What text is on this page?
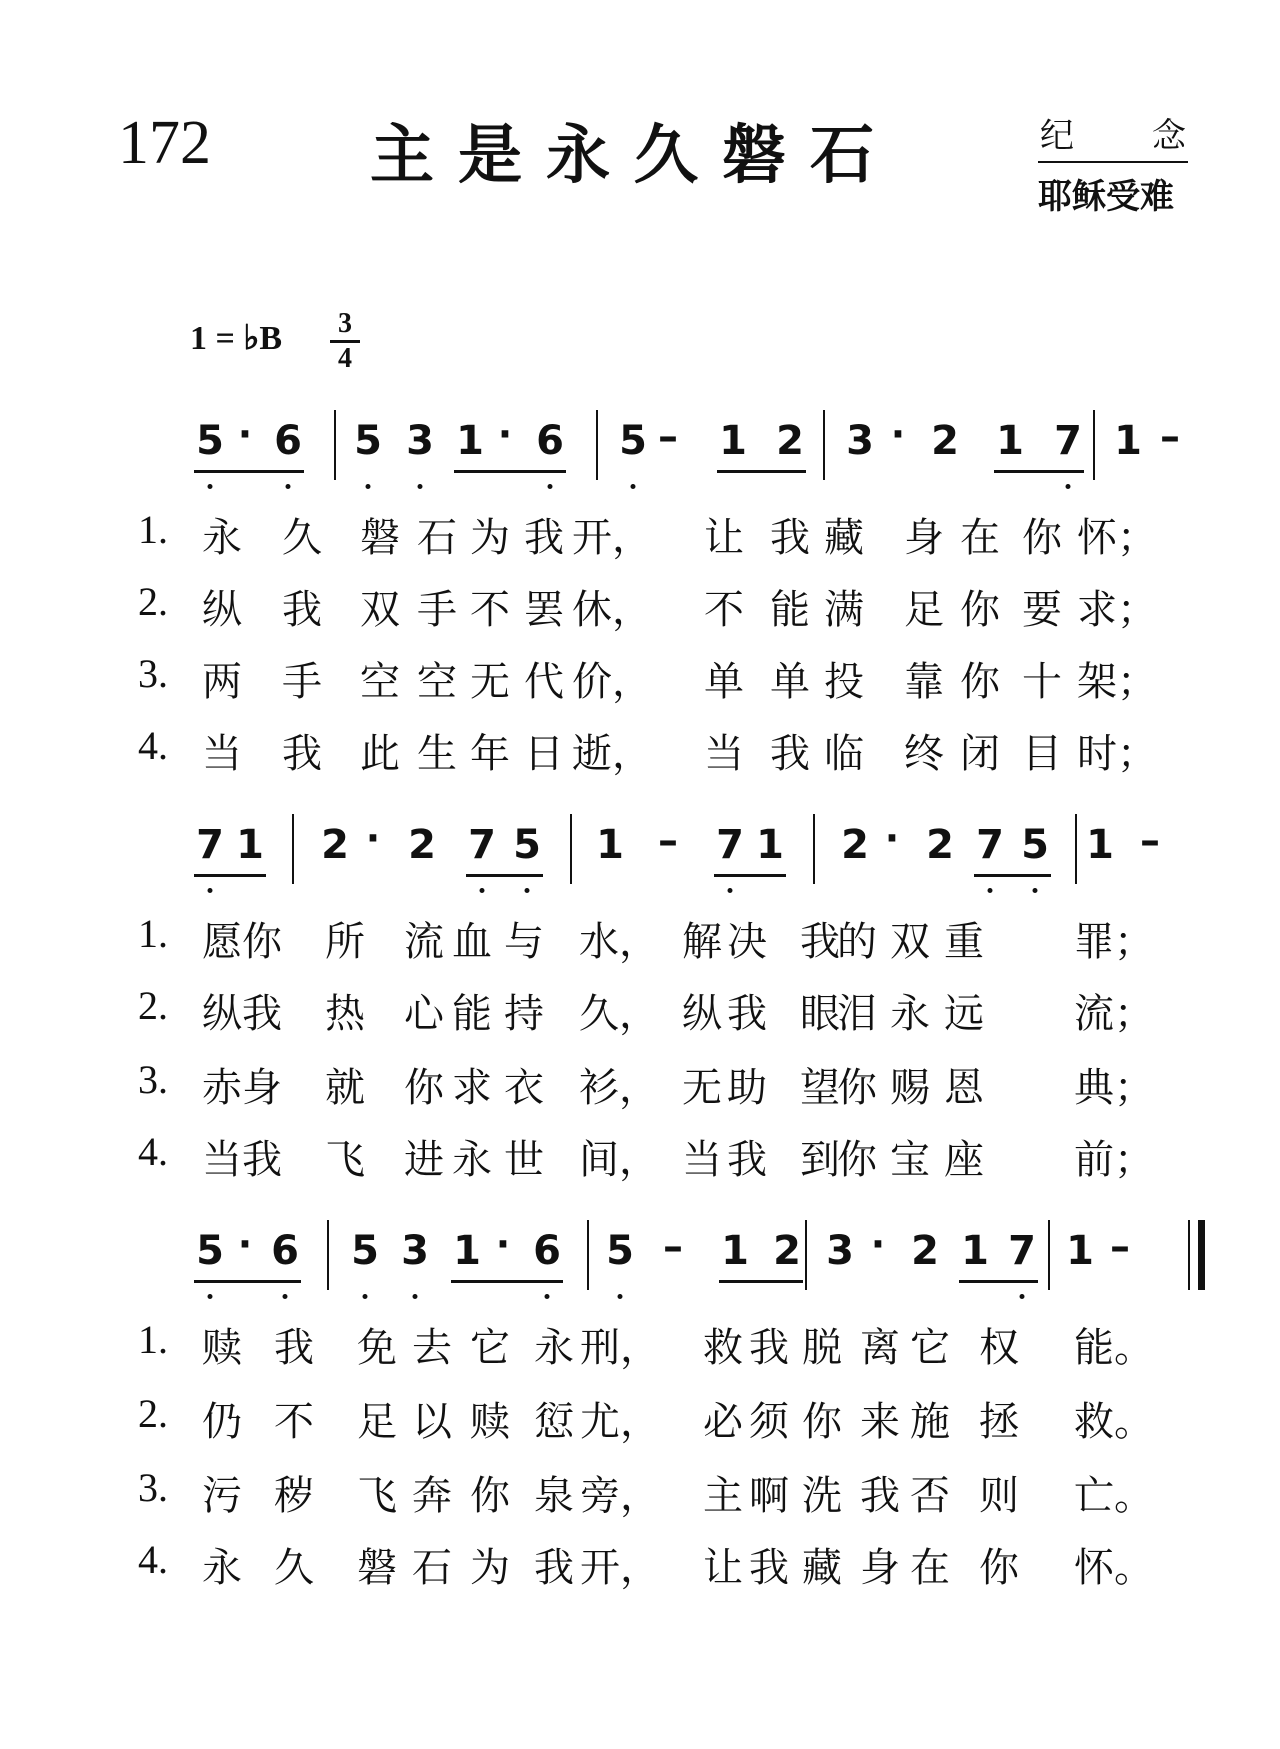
172 主是永久磐石	纪 念
耶稣受难
1 = ♭B $\frac{3}{4}$
5 · 6 5 3 1 · 6 5 – 1 2 3 · 2 1 7 1 –
1. 永 久 磐 石 为 我 开， 让 我 藏 身 在 你 怀；
2. 纵 我 双 手 不 罢 休， 不 能 满 足 你 要 求；
3. 两 手 空 空 无 代 价， 单 单 投 靠 你 十 架；
4. 当 我 此 生 年 日 逝， 当 我 临 终 闭 目 时；
7 1 2 · 2 7 5 1 – 7 1 2 · 2 7 5 1 –
1. 愿 你 所 流 血 与 水， 解 决 我
的 双 重 罪；
2. 纵 我 热 心 能 持 久， 纵 我 眼
泪 永 远 流；
3. 赤 身 就 你 求 衣 衫， 无 助 望
你 赐 恩 典；
4. 当 我 飞 进 永 世 间， 当 我 到
你 宝 座 前；
5 · 6 5 3 1 · 6 5 – 1 2 3 · 2 1 7 1 –
1. 赎 我 免 去 它 永 刑， 救 我 脱 离 它 权 能。
2. 仍 不 足 以 赎 愆 尤， 必 须 你 来 施 拯 救。
3. 污 秽 飞 奔 你 泉 旁， 主 啊 洗 我 否 则 亡。
4. 永 久 磐 石 为 我 开， 让 我 藏 身 在 你 怀。
